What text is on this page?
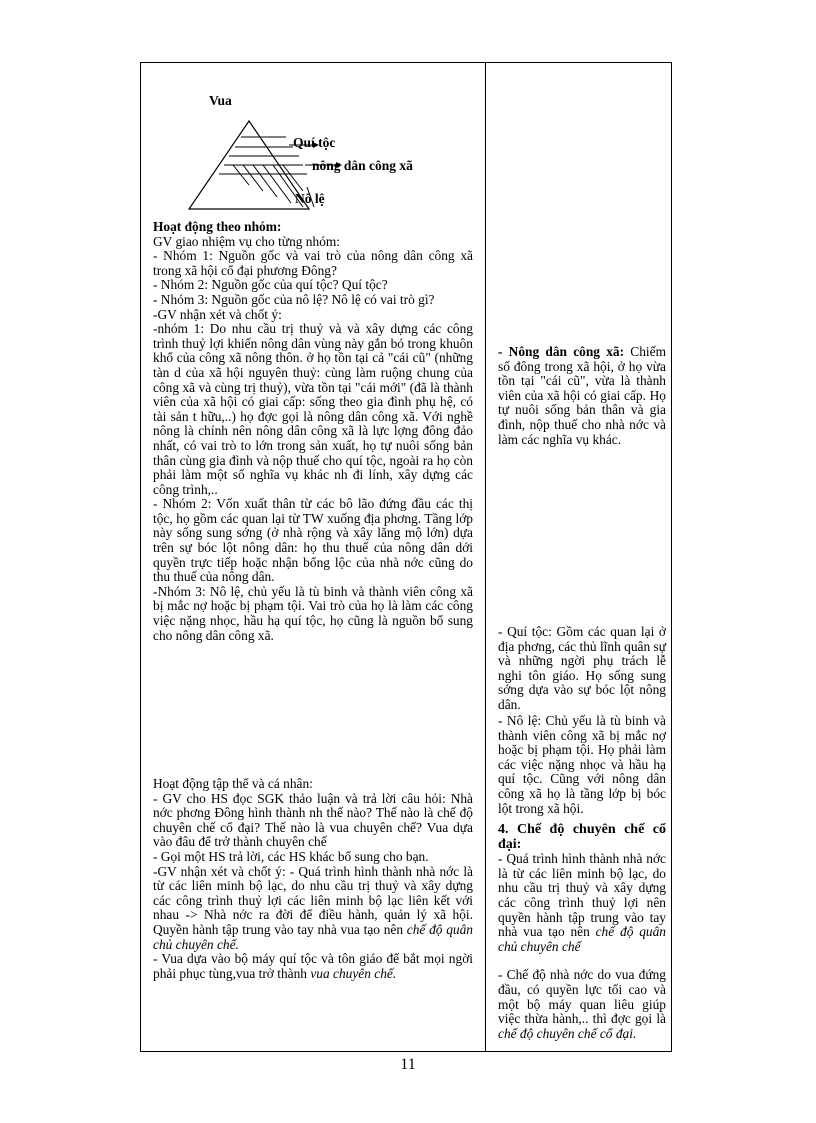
Vua
Quí tộc
nông dân công xã
Nô lệ

Hoạt động theo nhóm:

GV giao nhiệm vụ cho từng nhóm:

- Nhóm 1: Nguồn gốc và vai trò của nông dân công xã trong xã hội cổ đại phương Đông?

- Nhóm 2: Nguồn gốc của quí tộc? Quí tộc?

- Nhóm 3: Nguồn gốc của nô lệ? Nô lệ có vai trò gì?

-GV nhận xét và chốt ý:

-nhóm 1: Do nhu cầu trị thuỷ và và xây dựng các công trình thuỷ lợi khiến nông dân vùng này gắn bó trong khuôn khổ của công xã nông thôn. ở họ tồn tại cả "cái cũ" (những tàn d của xã hội nguyên thuỷ: cùng làm ruộng chung của công xã và cùng trị thuỷ), vừa tồn tại "cái mới" (đã là thành viên của xã hội có giai cấp: sống theo gia đình phụ hệ, có tài sản t hữu,..) họ đợc gọi là nông dân công xã. Với nghề nông là chính nên nông dân công xã là lực lợng đông đảo nhất, có vai trò to lớn trong sản xuất, họ tự nuôi sống bản thân cùng gia đình và nộp thuế cho quí tộc, ngoài ra họ còn phải làm một số nghĩa vụ khác nh đi lính, xây dựng các công trình,..

- Nhóm 2: Vốn xuất thân từ các bô lão đứng đầu các thị tộc, họ gồm các quan lại từ TW xuống địa phơng. Tầng lớp này sống sung sớng (ở nhà rộng và xây lăng mộ lớn) dựa trên sự bóc lột nông dân: họ thu thuế của nông dân dới quyền trực tiếp hoặc nhận bổng lộc của nhà nớc cũng do thu thuế của nông dân.

-Nhóm 3: Nô lệ, chủ yếu là tù binh và thành viên công xã bị mắc nợ hoặc bị phạm tội. Vai trò của họ là làm các công việc nặng nhọc, hầu hạ quí tộc, họ cũng là nguồn bổ sung cho nông dân công xã.

Hoạt động tập thể và cá nhân:

- GV cho HS đọc SGK thảo luận và trả lời câu hỏi: Nhà nớc phơng Đông hình thành nh thế nào? Thế nào là chế độ chuyên chế cổ đại? Thế nào là vua chuyên chế? Vua dựa vào đâu để trở thành chuyên chế

- Gọi một HS trả lời, các HS khác bổ sung cho bạn.

-GV nhận xét và chốt ý: - Quá trình hình thành nhà nớc là từ các liên minh bộ lạc, do nhu cầu trị thuỷ và xây dựng các công trình thuỷ lợi các liên minh bộ lạc liên kết với nhau -> Nhà nớc ra đời để điều hành, quản lý xã hội. Quyền hành tập trung vào tay nhà vua tạo nên chế độ quân chủ chuyên chế.

- Vua dựa vào bộ máy quí tộc và tôn giáo để bắt mọi ngời phải phục tùng,vua trở thành vua chuyên chế.

- Nông dân công xã: Chiếm số đông trong xã hội, ở họ vừa tồn tại "cái cũ", vừa là thành viên của xã hội có giai cấp. Họ tự nuôi sống bản thân và gia đình, nộp thuế cho nhà nớc và làm các nghĩa vụ khác.

- Quí tộc: Gồm các quan lại ở địa phơng, các thủ lĩnh quân sự và những ngời phụ trách lễ nghi tôn giáo. Họ sống sung sớng dựa vào sự bóc lột nông dân.

- Nô lệ: Chủ yếu là tù binh và thành viên công xã bị mắc nợ hoặc bị phạm tội. Họ phải làm các việc nặng nhọc và hầu hạ quí tộc. Cũng với nông dân công xã họ là tầng lớp bị bóc lột trong xã hội.

4. Chế độ chuyên chế cổ đại:

- Quá trình hình thành nhà nớc là từ các liên minh bộ lạc, do nhu cầu trị thuỷ và xây dựng các công trình thuỷ lợi nên quyền hành tập trung vào tay nhà vua tạo nên chế độ quân chủ chuyên chế

- Chế độ nhà nớc do vua đứng đầu, có quyền lực tối cao và một bộ máy quan liêu giúp việc thừa hành,.. thì đợc gọi là chế độ chuyên chế cổ đại.

11
